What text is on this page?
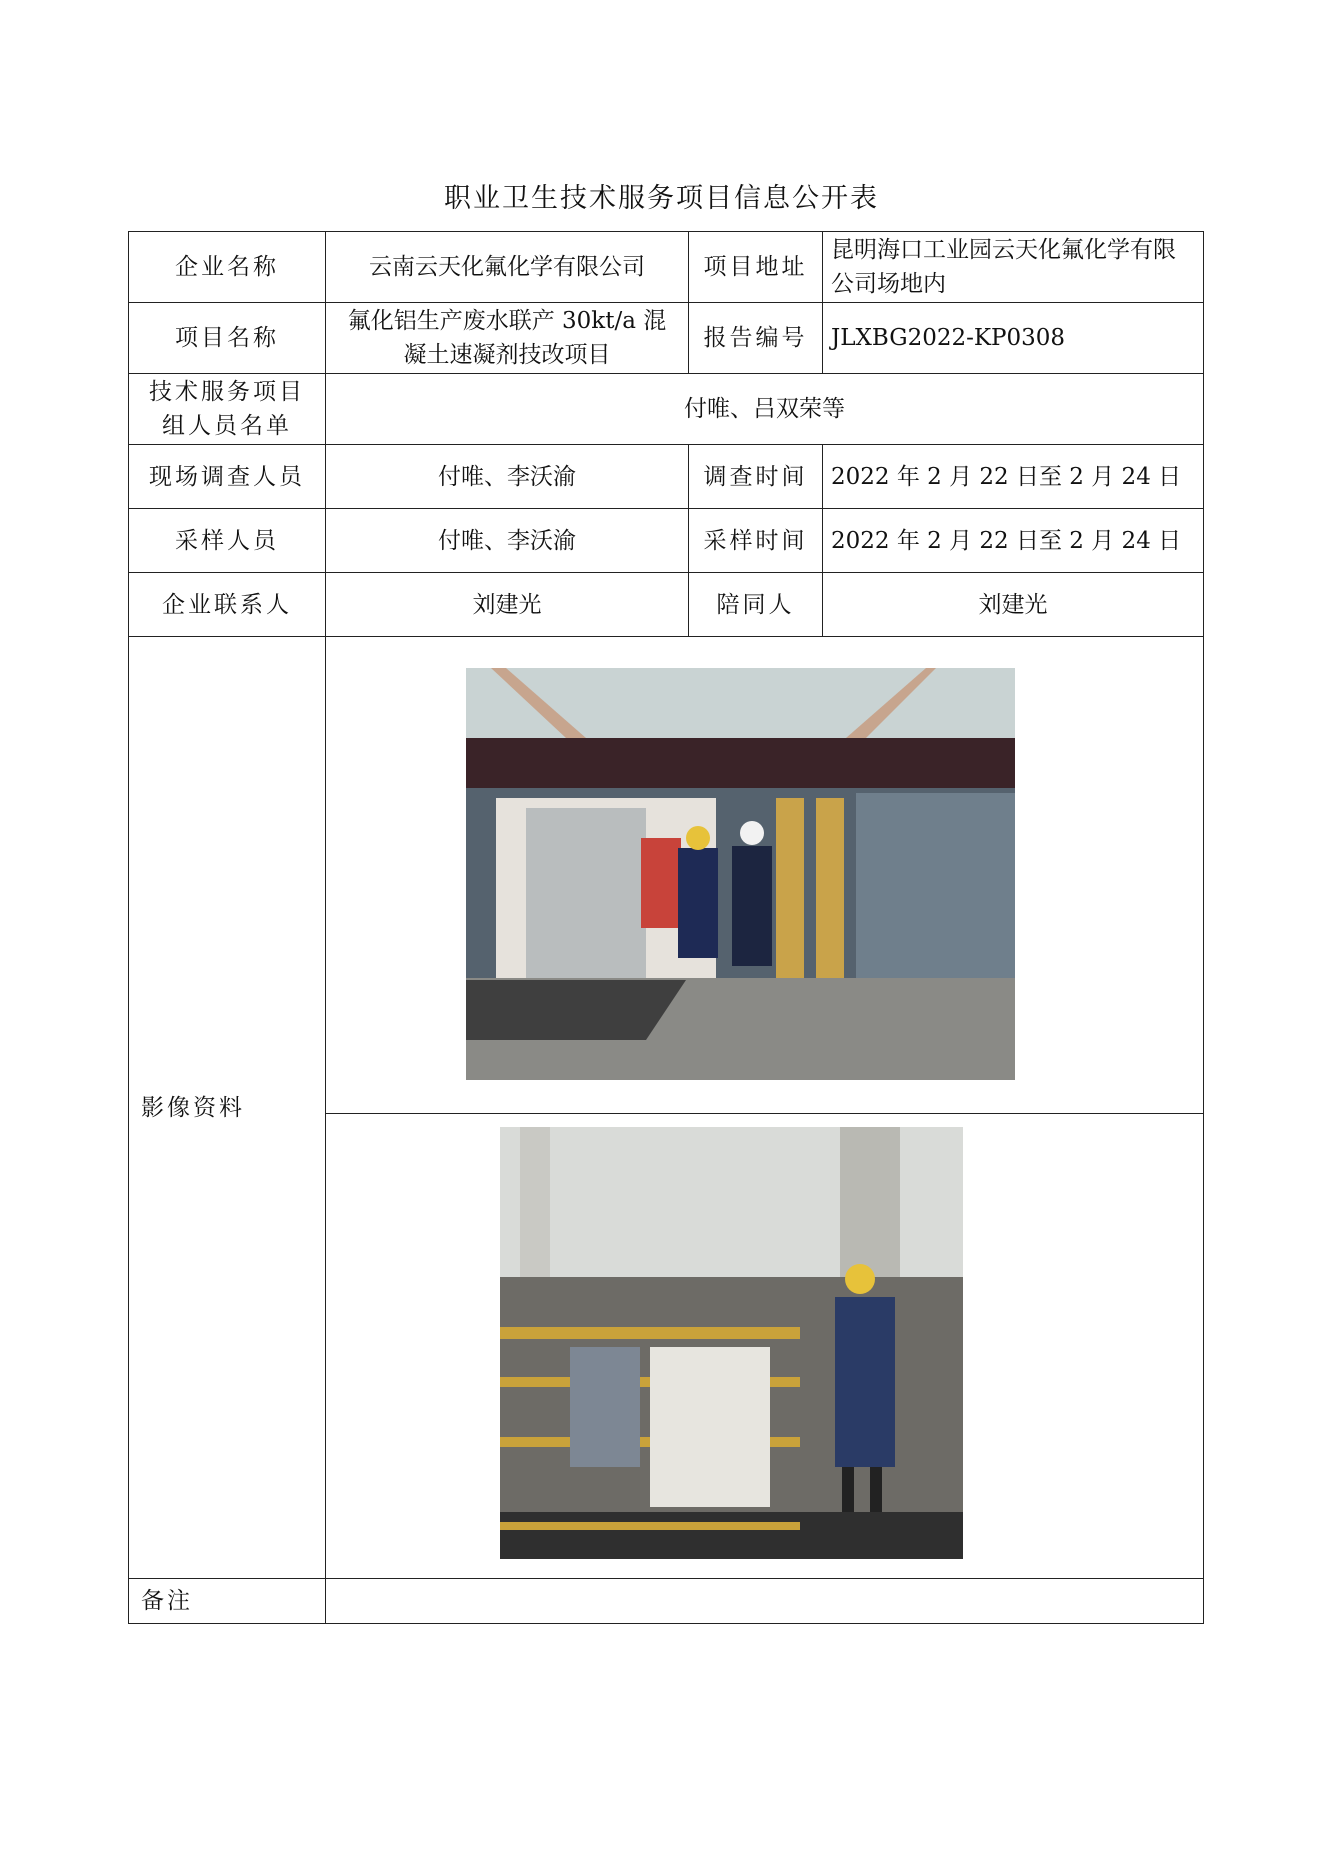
职业卫生技术服务项目信息公开表
企业名称	云南云天化氟化学有限公司	项目地址	昆明海口工业园云天化氟化学有限公司场地内
项目名称	氟化铝生产废水联产 30kt/a 混凝土速凝剂技改项目	报告编号	JLXBG2022-KP0308
技术服务项目组人员名单	付唯、吕双荣等		
现场调查人员	付唯、李沃渝	调查时间	2022 年 2 月 22 日至 2 月 24 日
采样人员	付唯、李沃渝	采样时间	2022 年 2 月 22 日至 2 月 24 日
企业联系人	刘建光	陪同人	刘建光
影像资料	

备注			
